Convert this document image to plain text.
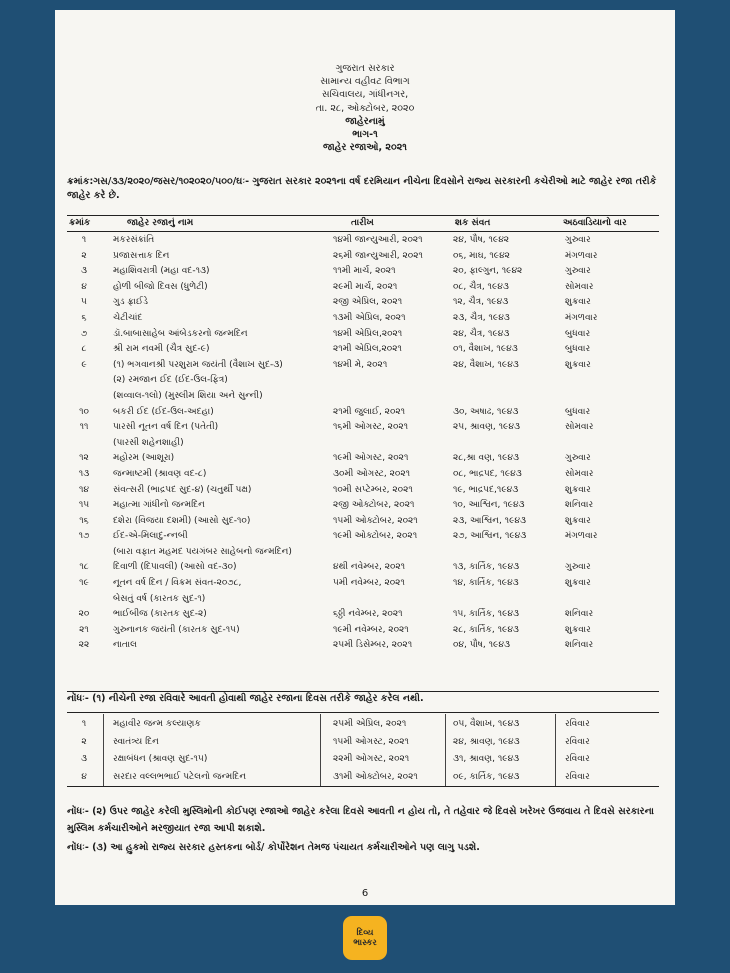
ગુજરાત સરકાર
સામાન્ય વહીવટ વિભાગ
સચિવાલય, ગાંધીનગર,
તા. ૨૮, ઓક્ટોબર, ૨૦૨૦
જાહેરનામું
ભાગ-૧
જાહેર રજાઓ, ૨૦૨૧
ક્રમાંક:ગસ/૩૩/૨૦૨૦/જસર/૧૦૨૦૨૦/૫૦૦/ઘઃ- ગુજરાત સરકાર ૨૦૨૧ના વર્ષ દરમિયાન નીચેના દિવસોને રાજ્ય સરકારની કચેરીઓ માટે જાહેર રજા તરીકે જાહેર કરે છે.
ક્રમાંક	જાહેર રજાનું નામ	તારીખ	શક સંવત	અઠવાડિયાનો વાર
૧	મકરસંક્રાંતિ	૧૪મી જાન્યુઆરી, ૨૦૨૧	૨૪, પૌષ, ૧૯૪૨	ગુરુવાર
૨	પ્રજાસત્તાક દિન	૨૬મી જાન્યુઆરી, ૨૦૨૧	૦૬, માઘ, ૧૯૪૨	મંગળવાર
૩	મહાશિવરાત્રી (મહા વદ-૧૩)	૧૧મી માર્ચ, ૨૦૨૧	૨૦, ફાલ્ગુન, ૧૯૪૨	ગુરુવાર
૪	હોળી બીજો દિવસ (ધુળેટી)	૨૯મી માર્ચ, ૨૦૨૧	૦૮, ચૈત્ર, ૧૯૪૩	સોમવાર
૫	ગુડ ફ્રાઈડે	૨જી એપ્રિલ, ૨૦૨૧	૧૨, ચૈત્ર, ૧૯૪૩	શુક્રવાર
૬	ચેટીચાંદ	૧૩મી એપ્રિલ, ૨૦૨૧	૨૩, ચૈત્ર, ૧૯૪૩	મંગળવાર
૭	ડૉ.બાબાસાહેબ આંબેડકરનો જન્મદિન	૧૪મી એપ્રિલ,૨૦૨૧	૨૪, ચૈત્ર, ૧૯૪૩	બુધવાર
૮	શ્રી રામ નવમી (ચૈત્ર સુદ-૯)	૨૧મી એપ્રિલ,૨૦૨૧	૦૧, વૈશાખ, ૧૯૪૩	બુધવાર
૯	(૧) ભગવાનશ્રી પરશુરામ જયંતી (વૈશાખ સુદ-૩)	૧૪મી મે, ૨૦૨૧	૨૪, વૈશાખ, ૧૯૪૩	શુક્રવાર
(૨) રમજાન ઈદ (ઈદ-ઉલ-ફિત્ર)
(શવ્વાલ-૧લો) (મુસ્લીમ શિયા અને સુન્ની)
૧૦	બકરી ઈદ (ઈદ-ઉલ-અદહા)	૨૧મી જુલાઈ, ૨૦૨૧	૩૦, અષાઢ, ૧૯૪૩	બુધવાર
૧૧	પારસી નૂતન વર્ષ દિન (પતેતી)	૧૬મી ઓગસ્ટ, ૨૦૨૧	૨૫, શ્રાવણ, ૧૯૪૩	સોમવાર
(પારસી શહેનશાહી)
૧૨	મહોરમ (આશૂરા)	૧૯મી ઓગસ્ટ, ૨૦૨૧	૨૮,શ્રા વણ, ૧૯૪૩	ગુરુવાર
૧૩	જન્માષ્ટમી (શ્રાવણ વદ-૮)	૩૦મી ઓગસ્ટ, ૨૦૨૧	૦૮, ભાદ્રપદ, ૧૯૪૩	સોમવાર
૧૪	સંવત્સરી (ભાદ્રપદ સુદ-૪) (ચતુર્થી પક્ષ)	૧૦મી સપ્ટેમ્બર, ૨૦૨૧	૧૯, ભાદ્રપદ,૧૯૪૩	શુક્રવાર
૧૫	મહાત્મા ગાંધીનો જન્મદિન	૨જી ઓક્ટોબર, ૨૦૨૧	૧૦, આશ્વિન, ૧૯૪૩	શનિવાર
૧૬	દશેરા (વિજયા દશમી) (આસો સુદ-૧૦)	૧૫મી ઓક્ટોબર, ૨૦૨૧	૨૩, આશ્વિન, ૧૯૪૩	શુક્રવાર
૧૭	ઈદ-એ-મિલાદુ-ન્નબી	૧૯મી ઓક્ટોબર, ૨૦૨૧	૨૭, આશ્વિન, ૧૯૪૩	મંગળવાર
(બારા વફાત મહમદ પયગંબર સાહેબનો જન્મદિન)
૧૮	દિવાળી (દિપાવલી) (આસો વદ-૩૦)	૪થી નવેમ્બર, ૨૦૨૧	૧૩, કાર્તિક, ૧૯૪૩	ગુરુવાર
૧૯	નૂતન વર્ષ દિન / વિક્રમ સંવત-૨૦૭૮,	૫મી નવેમ્બર, ૨૦૨૧	૧૪, કાર્તિક, ૧૯૪૩	શુક્રવાર
બેસતું વર્ષ (કારતક સુદ-૧)
૨૦	ભાઈબીજ (કારતક સુદ-૨)	૬ઠ્ઠી નવેમ્બર, ૨૦૨૧	૧૫, કાર્તિક, ૧૯૪૩	શનિવાર
૨૧	ગુરુનાનક જયંતી (કારતક સુદ-૧૫)	૧૯મી નવેમ્બર, ૨૦૨૧	૨૮, કાર્તિક, ૧૯૪૩	શુક્રવાર
૨૨	નાતાલ	૨૫મી ડિસેમ્બર, ૨૦૨૧	૦૪, પૌષ, ૧૯૪૩	શનિવાર
નોંધઃ- (૧) નીચેની રજા રવિવારે આવતી હોવાથી જાહેર રજાના દિવસ તરીકે જાહેર કરેલ નથી.
૧	મહાવીર જન્મ કલ્યાણક	૨૫મી એપ્રિલ, ૨૦૨૧	૦૫, વૈશાખ, ૧૯૪૩	રવિવાર
૨	સ્વાતંત્ર્ય દિન	૧૫મી ઓગસ્ટ, ૨૦૨૧	૨૪, શ્રાવણ, ૧૯૪૩	રવિવાર
૩	રક્ષાબંધન (શ્રાવણ સુદ-૧૫)	૨૨મી ઓગસ્ટ, ૨૦૨૧	૩૧, શ્રાવણ, ૧૯૪૩	રવિવાર
૪	સરદાર વલ્લભભાઈ પટેલનો જન્મદિન	૩૧મી ઓક્ટોબર, ૨૦૨૧	૦૯, કાર્તિક, ૧૯૪૩	રવિવાર
નોંધઃ- (૨) ઉપર જાહેર કરેલી મુસ્લિમોની કોઈપણ રજાઓ જાહેર કરેલા દિવસે આવતી ન હોય તો, તે તહેવાર જે દિવસે ખરેખર ઉજવાય તે દિવસે સરકારના મુસ્લિમ કર્મચારીઓને મરજીયાત રજા આપી શકાશે.
નોંધઃ- (૩) આ હુકમો રાજ્ય સરકાર હસ્તકના બોર્ડ/ કોર્પોરેશન તેમજ પંચાયત કર્મચારીઓને પણ લાગુ પડશે.
6
દિવ્ય
ભાસ્કર
